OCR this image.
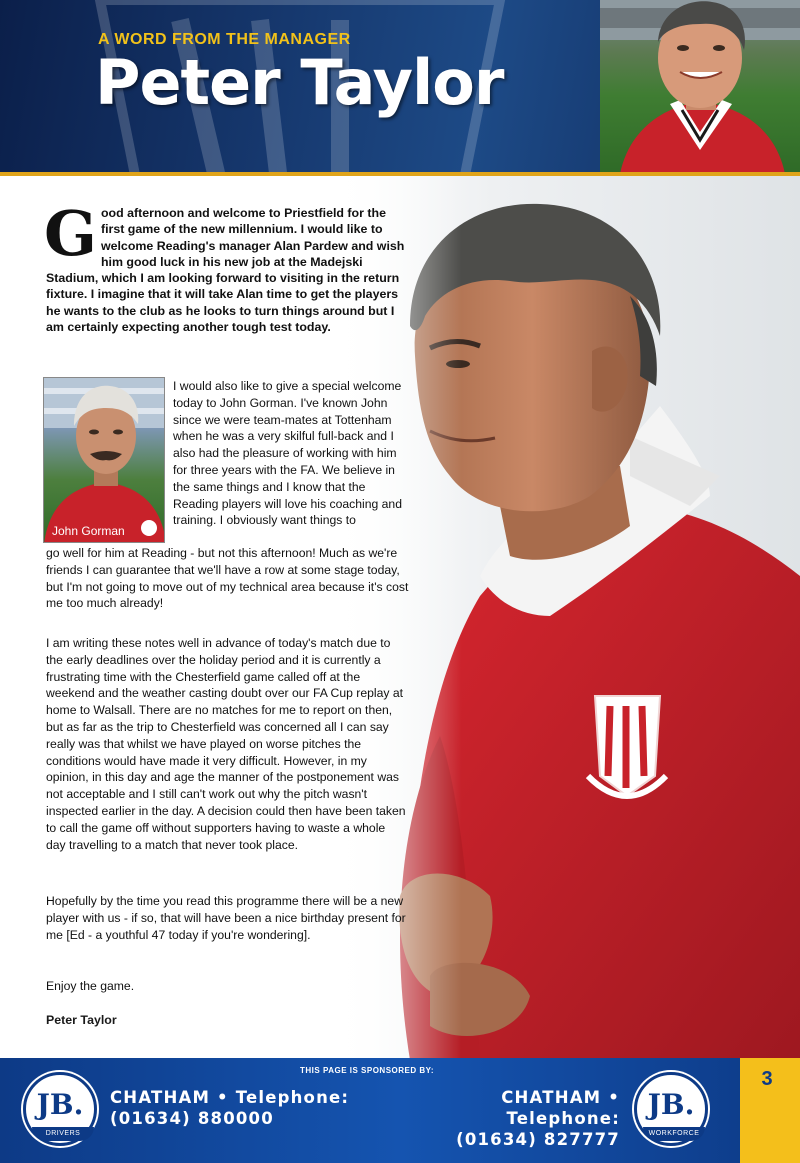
A WORD FROM THE MANAGER
Peter Taylor
Good afternoon and welcome to Priestfield for the first game of the new millennium. I would like to welcome Reading's manager Alan Pardew and wish him good luck in his new job at the Madejski Stadium, which I am looking forward to visiting in the return fixture. I imagine that it will take Alan time to get the players he wants to the club as he looks to turn things around but I am certainly expecting another tough test today.
John Gorman
I would also like to give a special welcome today to John Gorman. I've known John since we were team-mates at Tottenham when he was a very skilful full-back and I also had the pleasure of working with him for three years with the FA. We believe in the same things and I know that the Reading players will love his coaching and training. I obviously want things to
go well for him at Reading - but not this afternoon! Much as we're friends I can guarantee that we'll have a row at some stage today, but I'm not going to move out of my technical area because it's cost me too much already!
I am writing these notes well in advance of today's match due to the early deadlines over the holiday period and it is currently a frustrating time with the Chesterfield game called off at the weekend and the weather casting doubt over our FA Cup replay at home to Walsall. There are no matches for me to report on then, but as far as the trip to Chesterfield was concerned all I can say really was that whilst we have played on worse pitches the conditions would have made it very difficult. However, in my opinion, in this day and age the manner of the postponement was not acceptable and I still can't work out why the pitch wasn't inspected earlier in the day. A decision could then have been taken to call the game off without supporters having to waste a whole day travelling to a match that never took place.
Hopefully by the time you read this programme there will be a new player with us - if so, that will have been a nice birthday present for me [Ed - a youthful 47 today if you're wondering].
Enjoy the game.
Peter Taylor
THIS PAGE IS SPONSORED BY:
JB.
DRIVERS
CHATHAM • Telephone:
(01634) 880000
CHATHAM • Telephone:
(01634) 827777
JB.
WORKFORCE
3
